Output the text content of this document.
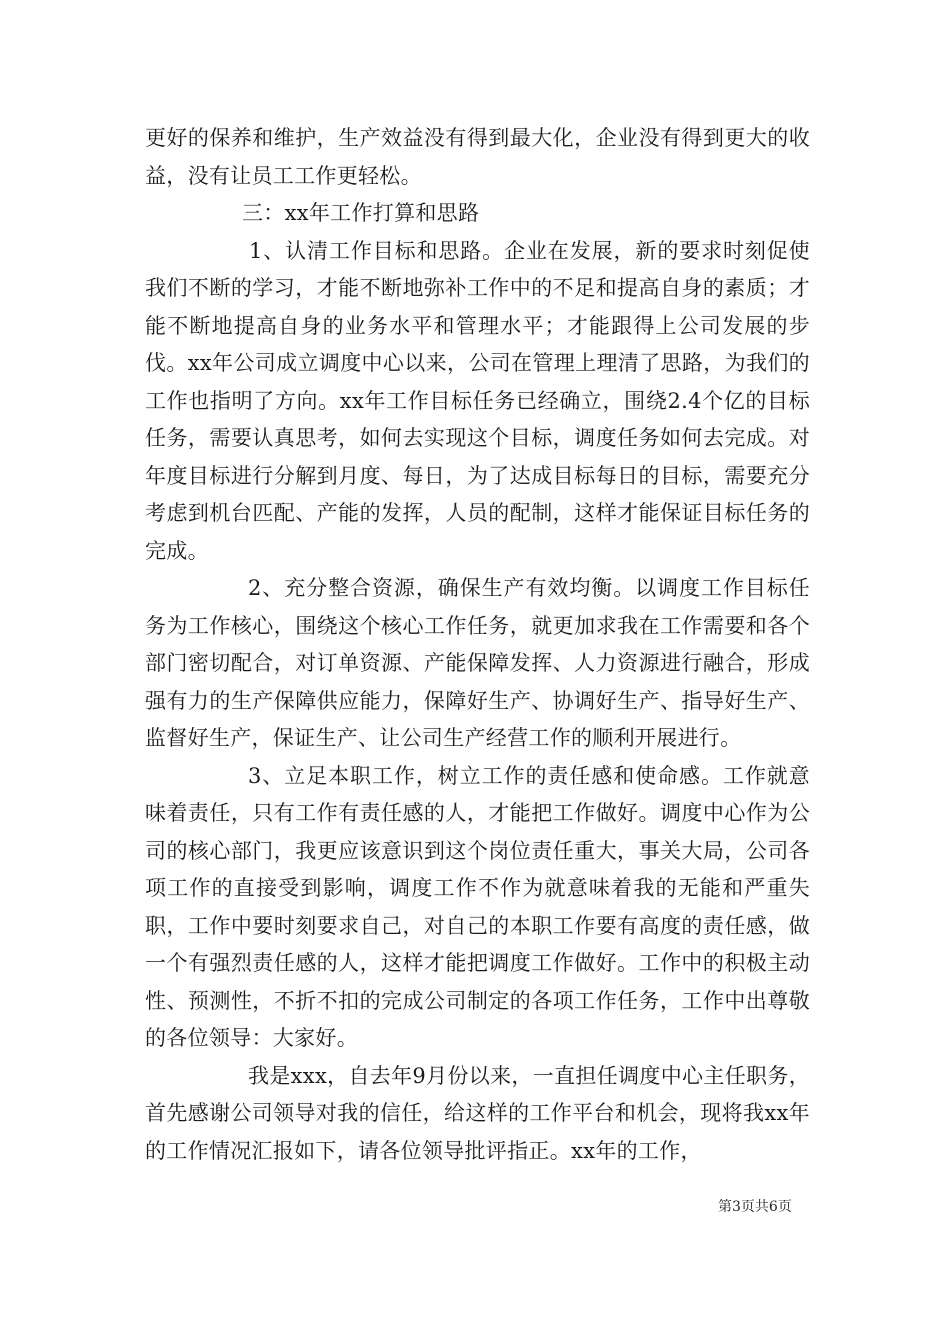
更好的保养和维护，生产效益没有得到最大化，企业没有得到更大的收益，没有让员工工作更轻松。

三：xx年工作打算和思路

1、认清工作目标和思路。企业在发展，新的要求时刻促使我们不断的学习，才能不断地弥补工作中的不足和提高自身的素质；才能不断地提高自身的业务水平和管理水平；才能跟得上公司发展的步伐。xx年公司成立调度中心以来，公司在管理上理清了思路，为我们的工作也指明了方向。xx年工作目标任务已经确立，围绕2.4个亿的目标任务，需要认真思考，如何去实现这个目标，调度任务如何去完成。对年度目标进行分解到月度、每日，为了达成目标每日的目标，需要充分考虑到机台匹配、产能的发挥，人员的配制，这样才能保证目标任务的完成。

2、充分整合资源，确保生产有效均衡。以调度工作目标任务为工作核心，围绕这个核心工作任务，就更加求我在工作需要和各个部门密切配合，对订单资源、产能保障发挥、人力资源进行融合，形成强有力的生产保障供应能力，保障好生产、协调好生产、指导好生产、监督好生产，保证生产、让公司生产经营工作的顺利开展进行。

3、立足本职工作，树立工作的责任感和使命感。工作就意味着责任，只有工作有责任感的人，才能把工作做好。调度中心作为公司的核心部门，我更应该意识到这个岗位责任重大，事关大局，公司各项工作的直接受到影响，调度工作不作为就意味着我的无能和严重失职，工作中要时刻要求自己，对自己的本职工作要有高度的责任感，做一个有强烈责任感的人，这样才能把调度工作做好。工作中的积极主动性、预测性，不折不扣的完成公司制定的各项工作任务，工作中出尊敬的各位领导：大家好。

我是xxx，自去年9月份以来，一直担任调度中心主任职务，首先感谢公司领导对我的信任，给这样的工作平台和机会，现将我xx年的工作情况汇报如下，请各位领导批评指正。xx年的工作，

第3页共6页
